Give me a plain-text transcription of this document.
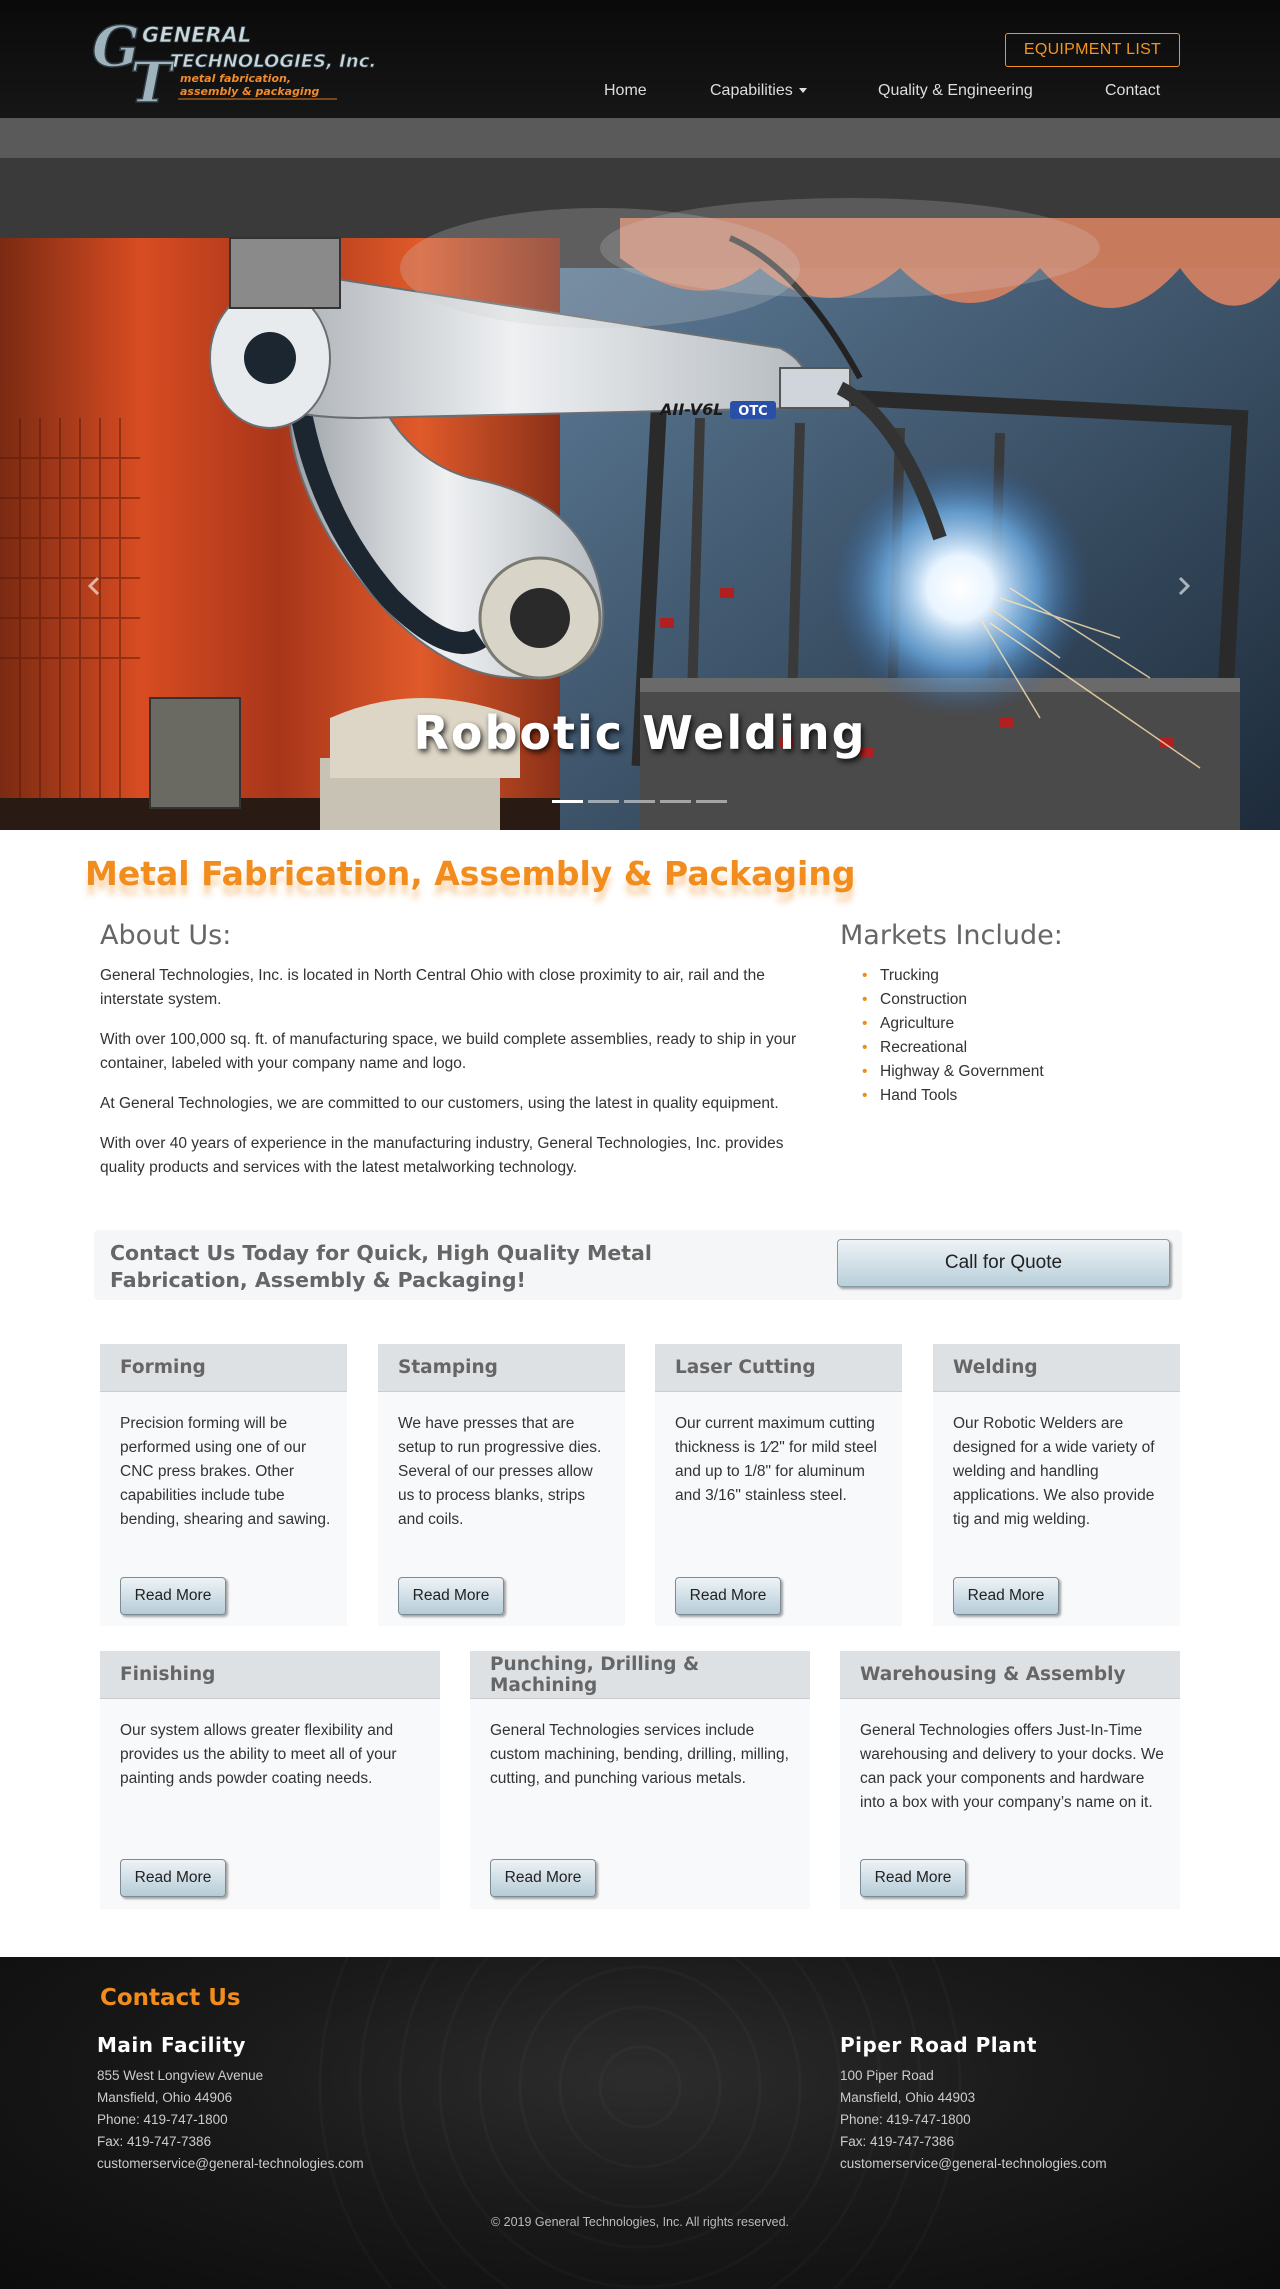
G
T
GENERAL
TECHNOLOGIES, Inc.
metal fabrication,
assembly & packaging
EQUIPMENT LIST
Home	Capabilities	Quality & Engineering	Contact
AII-V6L OTC
Robotic Welding
Metal Fabrication, Assembly & Packaging
About Us:

General Technologies, Inc. is located in North Central Ohio with close proximity to air, rail and the interstate system.

With over 100,000 sq. ft. of manufacturing space, we build complete assemblies, ready to ship in your container, labeled with your company name and logo.

At General Technologies, we are committed to our customers, using the latest in quality equipment.

With over 40 years of experience in the manufacturing industry, General Technologies, Inc. provides quality products and services with the latest metalworking technology.

Markets Include:
• Trucking
• Construction
• Agriculture
• Recreational
• Highway & Government
• Hand Tools
Contact Us Today for Quick, High Quality Metal Fabrication, Assembly & Packaging!
Call for Quote
Forming
Precision forming will be performed using one of our CNC press brakes. Other capabilities include tube bending, shearing and sawing.
Read More
Stamping
We have presses that are setup to run progressive dies. Several of our presses allow us to process blanks, strips and coils.
Read More
Laser Cutting
Our current maximum cutting thickness is 1⁄2" for mild steel and up to 1/8" for aluminum and 3/16" stainless steel.
Read More
Welding
Our Robotic Welders are designed for a wide variety of welding and handling applications. We also provide tig and mig welding.
Read More
Finishing
Our system allows greater flexibility and provides us the ability to meet all of your painting ands powder coating needs.
Read More
Punching, Drilling & Machining
General Technologies services include custom machining, bending, drilling, milling, cutting, and punching various metals.
Read More
Warehousing & Assembly
General Technologies offers Just-In-Time warehousing and delivery to your docks. We can pack your components and hardware into a box with your company’s name on it.
Read More
Contact Us
Main Facility

855 West Longview Avenue

Mansfield, Ohio 44906

Phone: 419-747-1800

Fax: 419-747-7386

customerservice@general-technologies.com

Piper Road Plant

100 Piper Road

Mansfield, Ohio 44903

Phone: 419-747-1800

Fax: 419-747-7386

customerservice@general-technologies.com

© 2019 General Technologies, Inc. All rights reserved.
